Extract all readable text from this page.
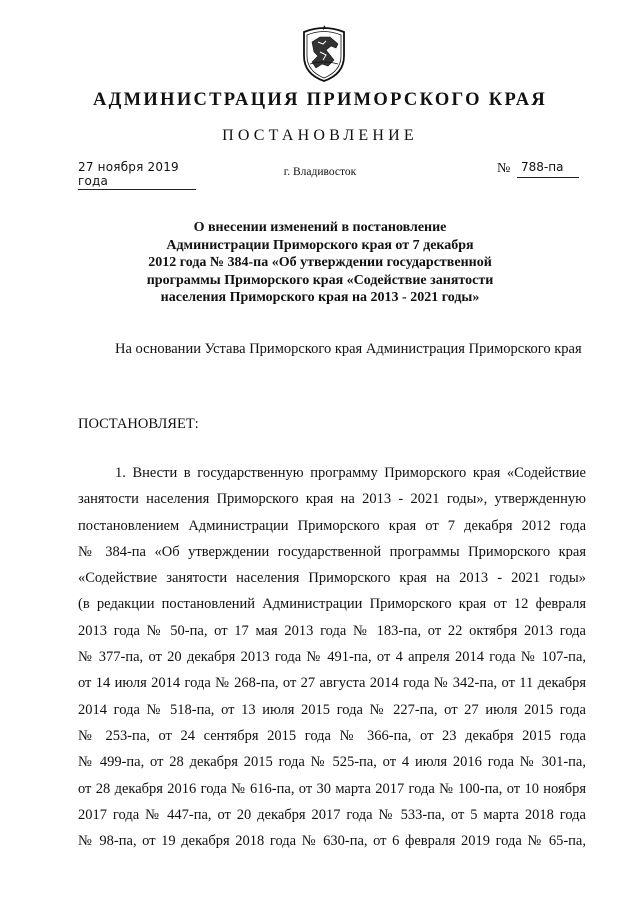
АДМИНИСТРАЦИЯ ПРИМОРСКОГО КРАЯ
ПОСТАНОВЛЕНИЕ
27 ноября 2019 года
г. Владивосток	№ 788-па
О внесении изменений в постановление
Администрации Приморского края от 7 декабря
2012 года № 384-па «Об утверждении государственной
программы Приморского края «Содействие занятости
населения Приморского края на 2013 - 2021 годы»
На основании Устава Приморского края Администрация Приморского края
ПОСТАНОВЛЯЕТ:
1. Внести в государственную программу Приморского края «Содействие
занятости населения Приморского края на 2013 - 2021 годы», утвержденную
постановлением Администрации Приморского края от 7 декабря 2012 года
№ 384-па «Об утверждении государственной программы Приморского края
«Содействие занятости населения Приморского края на 2013 - 2021 годы»
(в редакции постановлений Администрации Приморского края от 12 февраля
2013 года № 50-па, от 17 мая 2013 года № 183-па, от 22 октября 2013 года
№ 377-па, от 20 декабря 2013 года № 491-па, от 4 апреля 2014 года № 107-па,
от 14 июля 2014 года № 268-па, от 27 августа 2014 года № 342-па, от 11 декабря
2014 года № 518-па, от 13 июля 2015 года № 227-па, от 27 июля 2015 года
№ 253-па, от 24 сентября 2015 года № 366-па, от 23 декабря 2015 года
№ 499-па, от 28 декабря 2015 года № 525-па, от 4 июля 2016 года № 301-па,
от 28 декабря 2016 года № 616-па, от 30 марта 2017 года № 100-па, от 10 ноября
2017 года № 447-па, от 20 декабря 2017 года № 533-па, от 5 марта 2018 года
№ 98-па, от 19 декабря 2018 года № 630-па, от 6 февраля 2019 года № 65-па,
